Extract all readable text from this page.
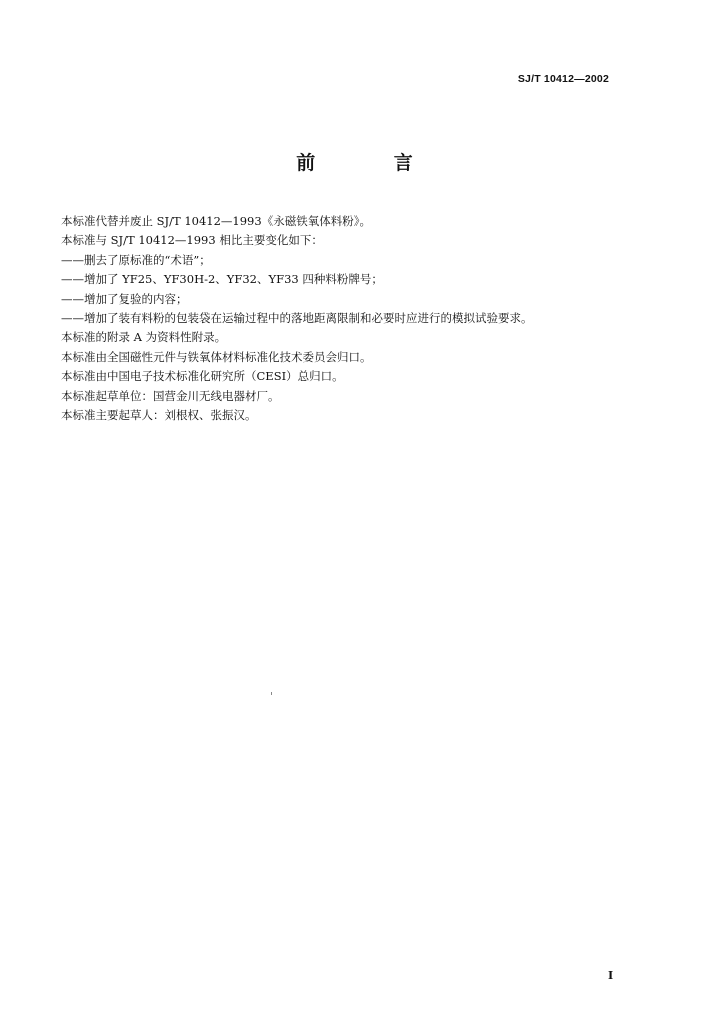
SJ/T 10412—2002
前 言
本标准代替并废止 SJ/T 10412—1993《永磁铁氧体料粉》。
本标准与 SJ/T 10412—1993 相比主要变化如下：
——删去了原标准的“术语”；
——增加了 YF25、YF30H-2、YF32、YF33 四种料粉牌号；
——增加了复验的内容；
——增加了装有料粉的包装袋在运输过程中的落地距离限制和必要时应进行的模拟试验要求。
本标准的附录 A 为资料性附录。
本标准由全国磁性元件与铁氧体材料标准化技术委员会归口。
本标准由中国电子技术标准化研究所（CESI）总归口。
本标准起草单位：国营金川无线电器材厂。
本标准主要起草人：刘根权、张振汉。
I
